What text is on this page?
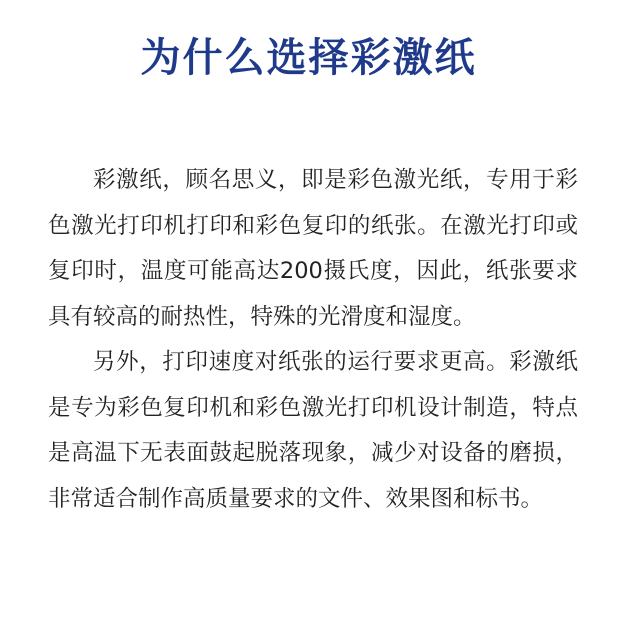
为什么选择彩激纸

彩激纸，顾名思义，即是彩色激光纸，专用于彩色激光打印机打印和彩色复印的纸张。在激光打印或复印时，温度可能高达200摄氏度，因此，纸张要求具有较高的耐热性，特殊的光滑度和湿度。

另外，打印速度对纸张的运行要求更高。彩激纸是专为彩色复印机和彩色激光打印机设计制造，特点是高温下无表面鼓起脱落现象，减少对设备的磨损，非常适合制作高质量要求的文件、效果图和标书。
